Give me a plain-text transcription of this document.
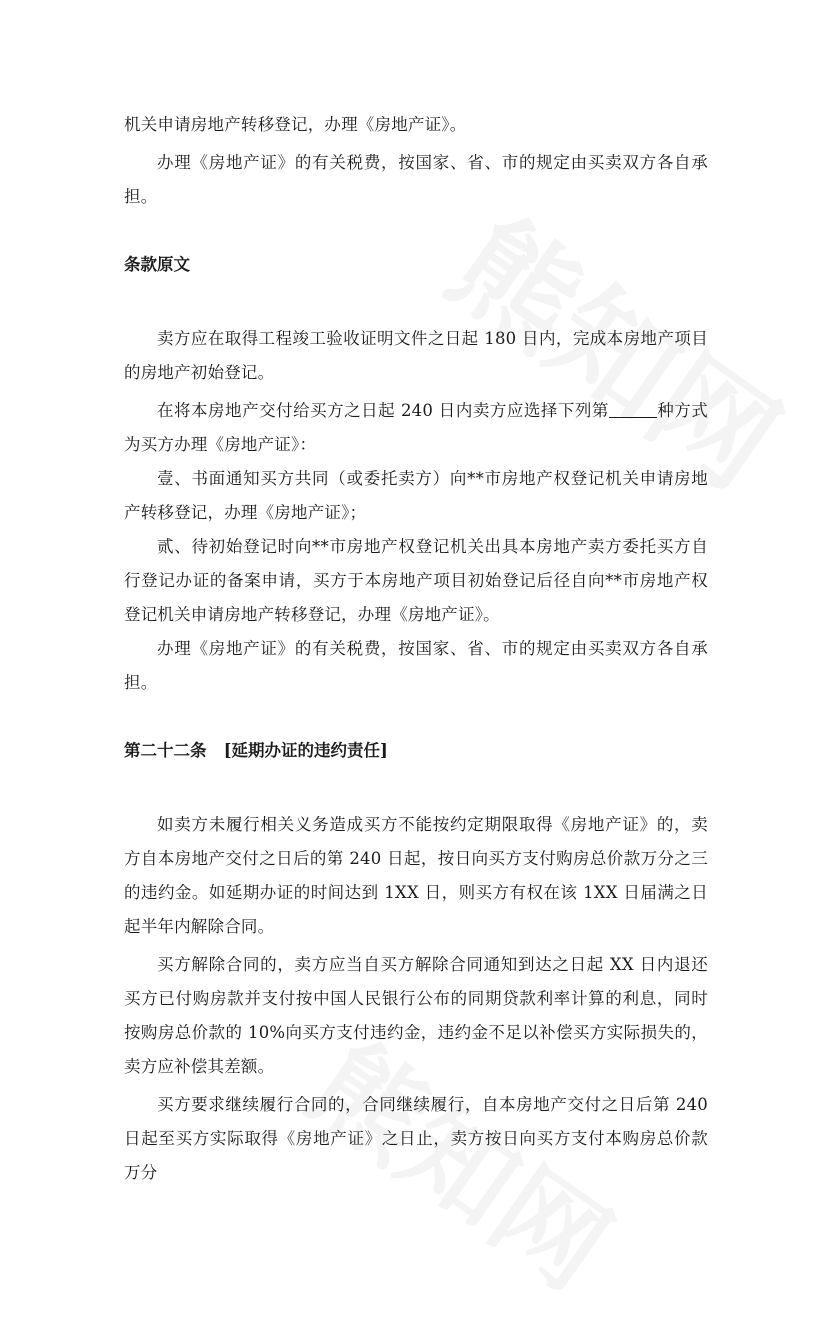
机关申请房地产转移登记，办理《房地产证》。

办理《房地产证》的有关税费，按国家、省、市的规定由买卖双方各自承担。

条款原文

卖方应在取得工程竣工验收证明文件之日起 180 日内，完成本房地产项目的房地产初始登记。

在将本房地产交付给买方之日起 240 日内卖方应选择下列第	种方式为买方办理《房地产证》：

壹、书面通知买方共同（或委托卖方）向**市房地产权登记机关申请房地产转移登记，办理《房地产证》；

贰、待初始登记时向**市房地产权登记机关出具本房地产卖方委托买方自行登记办证的备案申请，买方于本房地产项目初始登记后径自向**市房地产权登记机关申请房地产转移登记，办理《房地产证》。

办理《房地产证》的有关税费，按国家、省、市的规定由买卖双方各自承担。

第二十二条 [延期办证的违约责任]

如卖方未履行相关义务造成买方不能按约定期限取得《房地产证》的，卖方自本房地产交付之日后的第 240 日起，按日向买方支付购房总价款万分之三的违约金。如延期办证的时间达到 1XX 日，则买方有权在该 1XX 日届满之日起半年内解除合同。

买方解除合同的，卖方应当自买方解除合同通知到达之日起 XX 日内退还买方已付购房款并支付按中国人民银行公布的同期贷款利率计算的利息，同时按购房总价款的 10%向买方支付违约金，违约金不足以补偿买方实际损失的，卖方应补偿其差额。

买方要求继续履行合同的，合同继续履行，自本房地产交付之日后第 240 日起至买方实际取得《房地产证》之日止，卖方按日向买方支付本购房总价款万分
